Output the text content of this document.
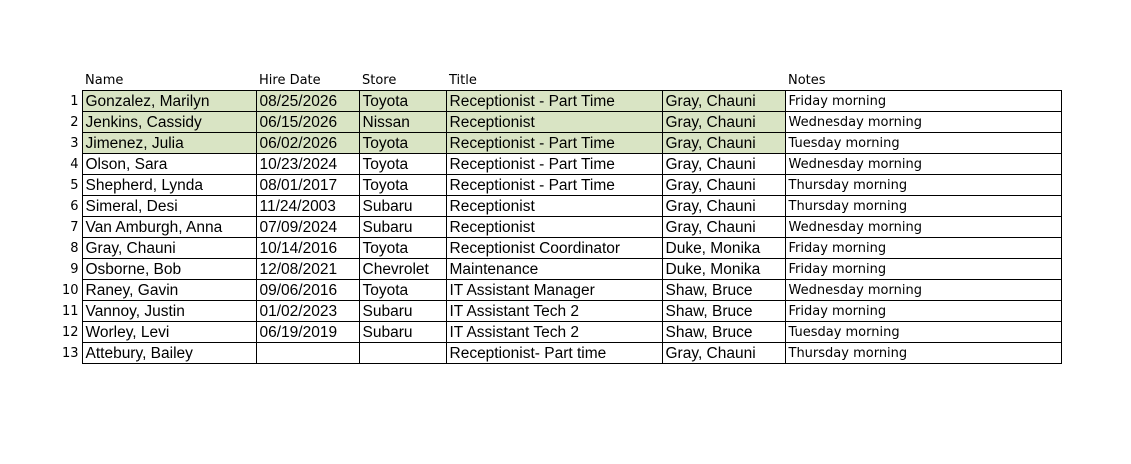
	Name	Hire Date	Store	Title		Notes
1	Gonzalez, Marilyn	08/25/2026	Toyota	Receptionist - Part Time	Gray, Chauni	Friday morning
2	Jenkins, Cassidy	06/15/2026	Nissan	Receptionist	Gray, Chauni	Wednesday morning
3	Jimenez, Julia	06/02/2026	Toyota	Receptionist - Part Time	Gray, Chauni	Tuesday morning
4	Olson, Sara	10/23/2024	Toyota	Receptionist - Part Time	Gray, Chauni	Wednesday morning
5	Shepherd, Lynda	08/01/2017	Toyota	Receptionist - Part Time	Gray, Chauni	Thursday morning
6	Simeral, Desi	11/24/2003	Subaru	Receptionist	Gray, Chauni	Thursday morning
7	Van Amburgh, Anna	07/09/2024	Subaru	Receptionist	Gray, Chauni	Wednesday morning
8	Gray, Chauni	10/14/2016	Toyota	Receptionist Coordinator	Duke, Monika	Friday morning
9	Osborne, Bob	12/08/2021	Chevrolet	Maintenance	Duke, Monika	Friday morning
10	Raney, Gavin	09/06/2016	Toyota	IT Assistant Manager	Shaw, Bruce	Wednesday morning
11	Vannoy, Justin	01/02/2023	Subaru	IT Assistant Tech 2	Shaw, Bruce	Friday morning
12	Worley, Levi	06/19/2019	Subaru	IT Assistant Tech 2	Shaw, Bruce	Tuesday morning
13	Attebury, Bailey			Receptionist- Part time	Gray, Chauni	Thursday morning
